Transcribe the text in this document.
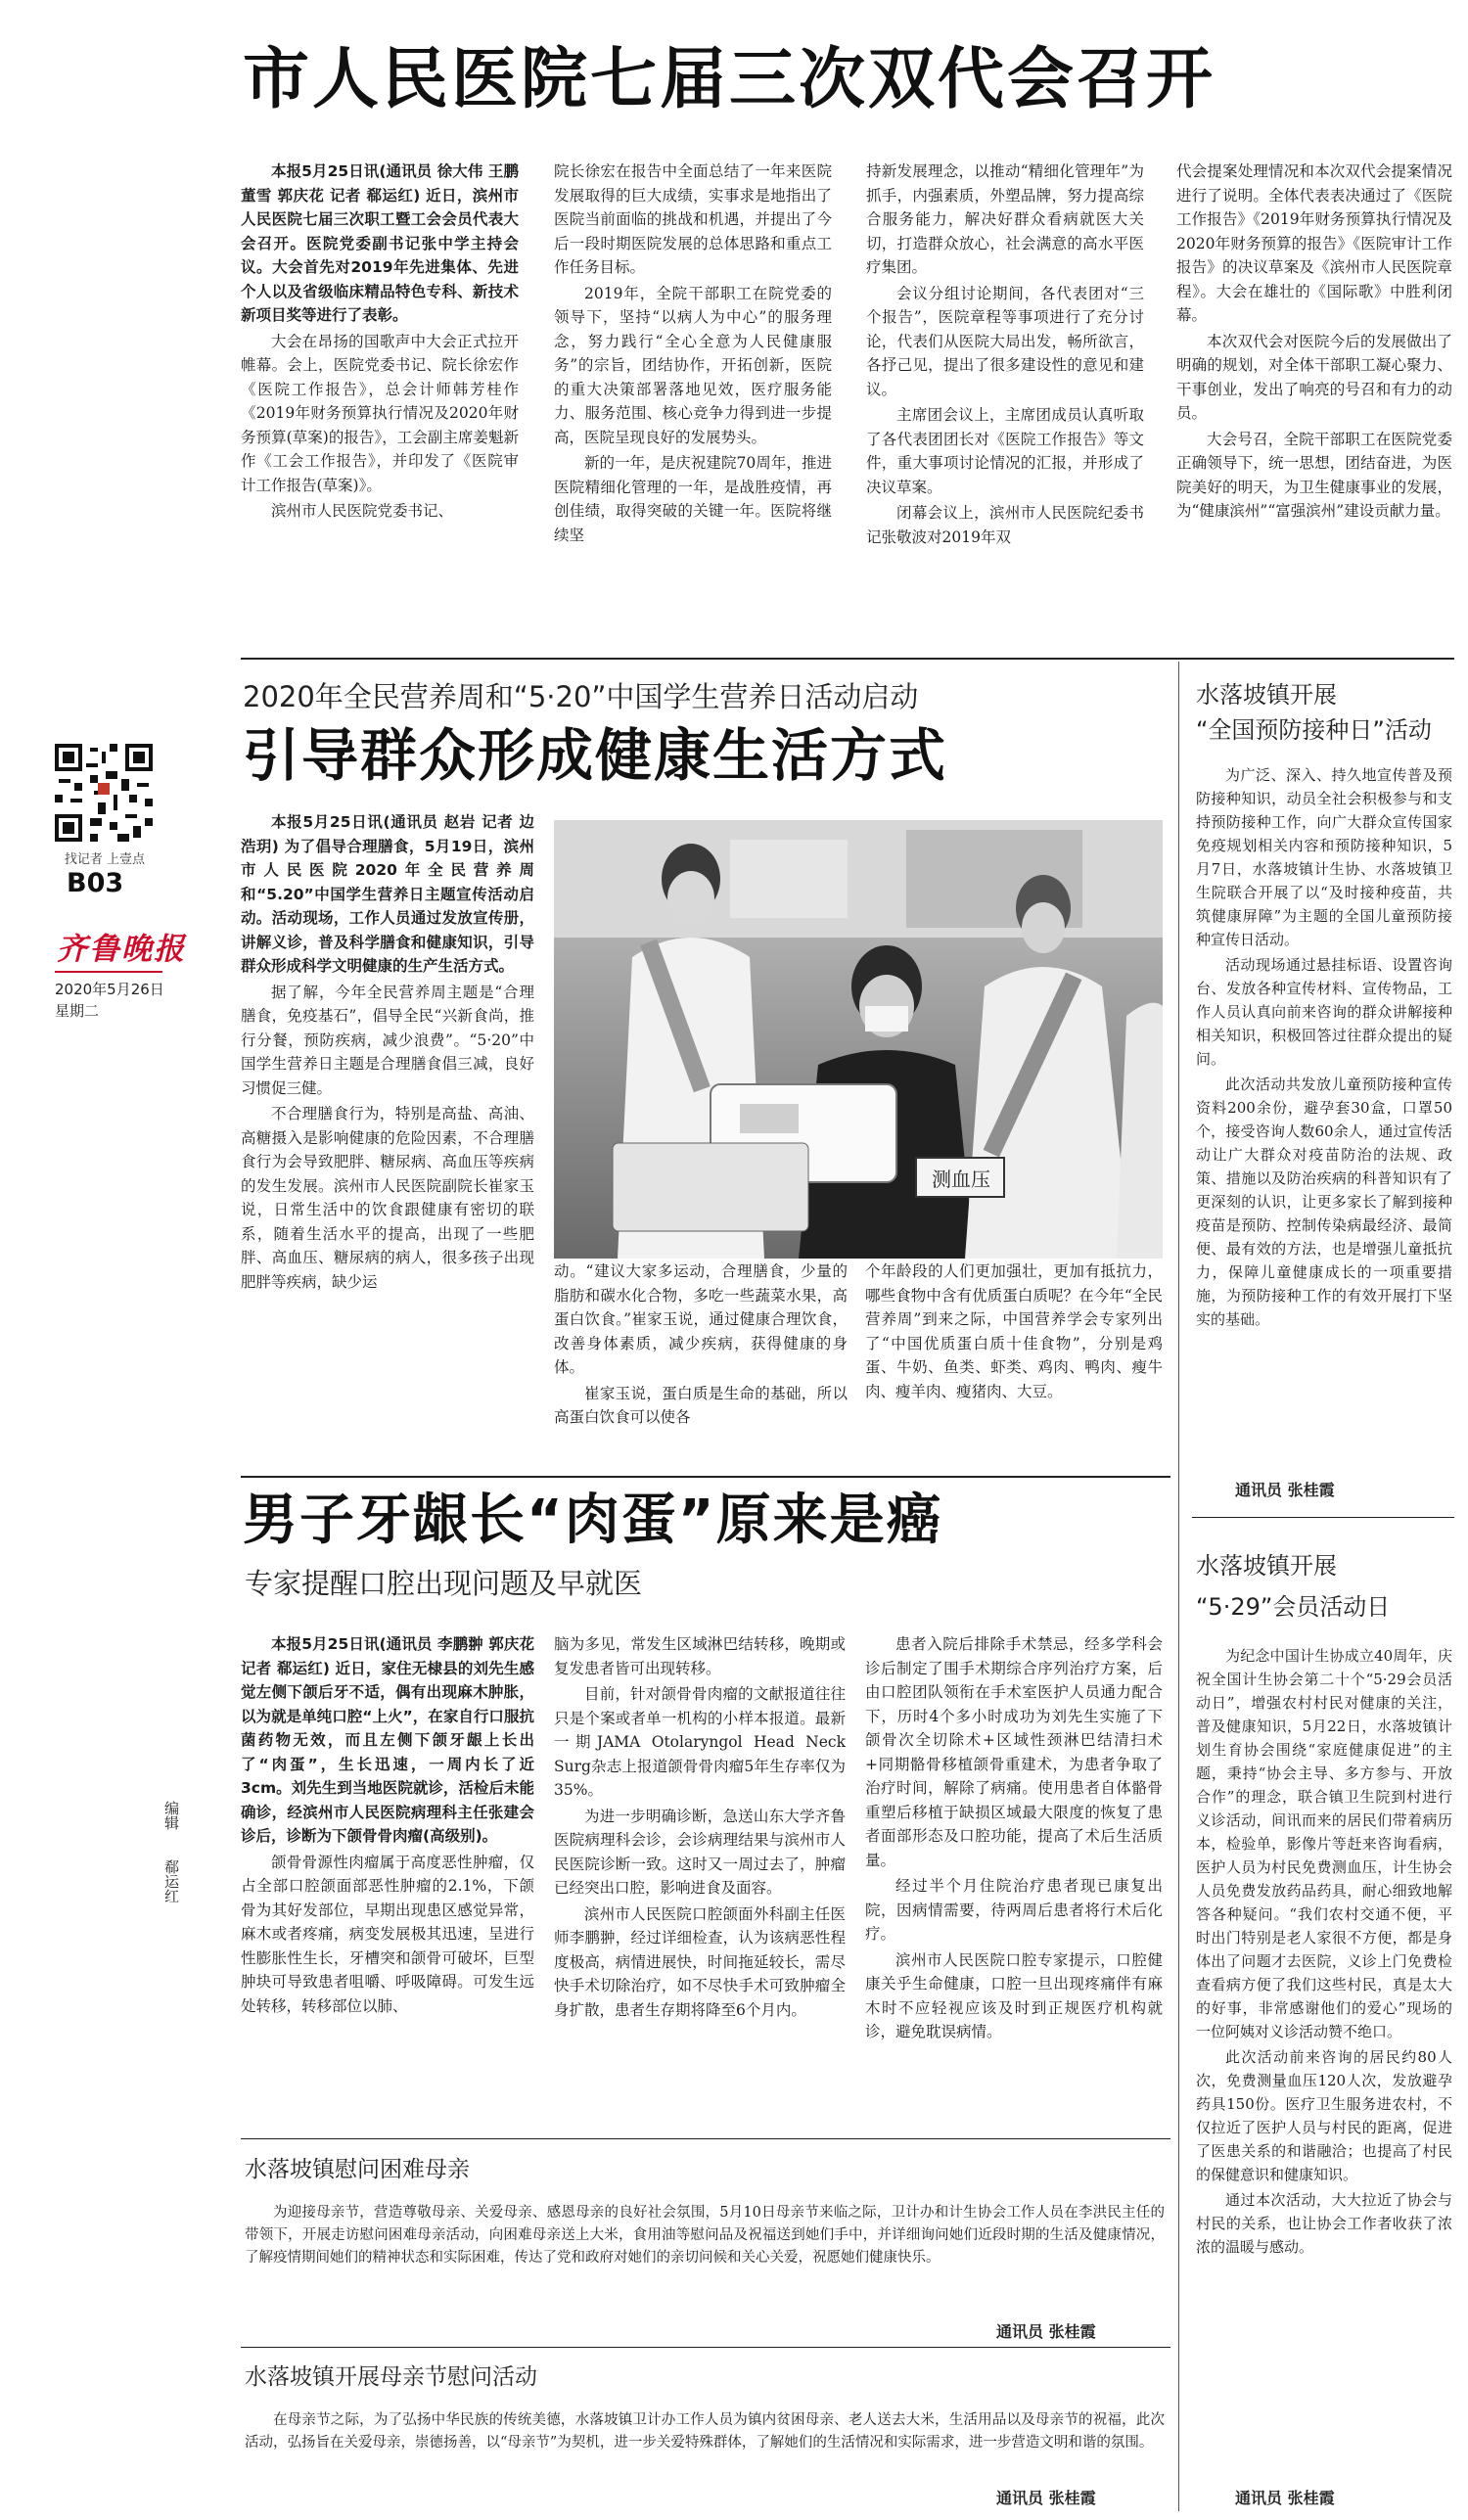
找记者 上壹点
B03
齐鲁晚报
2020年5月26日
星期二
编辑
郗运红
市人民医院七届三次双代会召开

本报5月25日讯(通讯员 徐大伟 王鹏 董雪 郭庆花 记者 郗运红) 近日，滨州市人民医院七届三次职工暨工会会员代表大会召开。医院党委副书记张中学主持会议。大会首先对2019年先进集体、先进个人以及省级临床精品特色专科、新技术新项目奖等进行了表彰。

大会在昂扬的国歌声中大会正式拉开帷幕。会上，医院党委书记、院长徐宏作《医院工作报告》，总会计师韩芳桂作《2019年财务预算执行情况及2020年财务预算(草案)的报告》，工会副主席姜魁新作《工会工作报告》，并印发了《医院审计工作报告(草案)》。

滨州市人民医院党委书记、

院长徐宏在报告中全面总结了一年来医院发展取得的巨大成绩，实事求是地指出了医院当前面临的挑战和机遇，并提出了今后一段时期医院发展的总体思路和重点工作任务目标。

2019年，全院干部职工在院党委的领导下，坚持“以病人为中心”的服务理念，努力践行“全心全意为人民健康服务”的宗旨，团结协作，开拓创新，医院的重大决策部署落地见效，医疗服务能力、服务范围、核心竞争力得到进一步提高，医院呈现良好的发展势头。

新的一年，是庆祝建院70周年，推进医院精细化管理的一年，是战胜疫情，再创佳绩，取得突破的关键一年。医院将继续坚

持新发展理念，以推动“精细化管理年”为抓手，内强素质，外塑品牌，努力提高综合服务能力，解决好群众看病就医大关切，打造群众放心，社会满意的高水平医疗集团。

会议分组讨论期间，各代表团对“三个报告”，医院章程等事项进行了充分讨论，代表们从医院大局出发，畅所欲言，各抒己见，提出了很多建设性的意见和建议。

主席团会议上，主席团成员认真听取了各代表团团长对《医院工作报告》等文件，重大事项讨论情况的汇报，并形成了决议草案。

闭幕会议上，滨州市人民医院纪委书记张敬波对2019年双

代会提案处理情况和本次双代会提案情况进行了说明。全体代表表决通过了《医院工作报告》《2019年财务预算执行情况及2020年财务预算的报告》《医院审计工作报告》的决议草案及《滨州市人民医院章程》。大会在雄壮的《国际歌》中胜利闭幕。

本次双代会对医院今后的发展做出了明确的规划，对全体干部职工凝心聚力、干事创业，发出了响亮的号召和有力的动员。

大会号召，全院干部职工在医院党委正确领导下，统一思想，团结奋进，为医院美好的明天，为卫生健康事业的发展，为“健康滨州”“富强滨州”建设贡献力量。

2020年全民营养周和“5·20”中国学生营养日活动启动
引导群众形成健康生活方式

本报5月25日讯(通讯员 赵岩 记者 边浩玥) 为了倡导合理膳食，5月19日，滨州市人民医院2020年全民营养周和“5.20”中国学生营养日主题宣传活动启动。活动现场，工作人员通过发放宣传册，讲解义诊，普及科学膳食和健康知识，引导群众形成科学文明健康的生产生活方式。

据了解，今年全民营养周主题是“合理膳食，免疫基石”，倡导全民“兴新食尚，推行分餐，预防疾病，减少浪费”。“5·20”中国学生营养日主题是合理膳食倡三减，良好习惯促三健。

不合理膳食行为，特别是高盐、高油、高糖摄入是影响健康的危险因素，不合理膳食行为会导致肥胖、糖尿病、高血压等疾病的发生发展。滨州市人民医院副院长崔家玉说，日常生活中的饮食跟健康有密切的联系，随着生活水平的提高，出现了一些肥胖、高血压、糖尿病的病人，很多孩子出现肥胖等疾病，缺少运

测血压

动。“建议大家多运动，合理膳食，少量的脂肪和碳水化合物，多吃一些蔬菜水果，高蛋白饮食。”崔家玉说，通过健康合理饮食，改善身体素质，减少疾病，获得健康的身体。

崔家玉说，蛋白质是生命的基础，所以高蛋白饮食可以使各

个年龄段的人们更加强壮，更加有抵抗力，哪些食物中含有优质蛋白质呢？在今年“全民营养周”到来之际，中国营养学会专家列出了“中国优质蛋白质十佳食物”，分别是鸡蛋、牛奶、鱼类、虾类、鸡肉、鸭肉、瘦牛肉、瘦羊肉、瘦猪肉、大豆。

男子牙龈长“肉蛋”原来是癌
专家提醒口腔出现问题及早就医

本报5月25日讯(通讯员 李鹏翀 郭庆花 记者 郗运红) 近日，家住无棣县的刘先生感觉左侧下颌后牙不适，偶有出现麻木肿胀，以为就是单纯口腔“上火”，在家自行口服抗菌药物无效，而且左侧下颌牙龈上长出了“肉蛋”，生长迅速，一周内长了近3cm。刘先生到当地医院就诊，活检后未能确诊，经滨州市人民医院病理科主任张建会诊后，诊断为下颌骨骨肉瘤(高级别)。

颌骨骨源性肉瘤属于高度恶性肿瘤，仅占全部口腔颌面部恶性肿瘤的2.1%，下颌骨为其好发部位，早期出现患区感觉异常，麻木或者疼痛，病变发展极其迅速，呈进行性膨胀性生长，牙槽突和颌骨可破坏，巨型肿块可导致患者咀嚼、呼吸障碍。可发生远处转移，转移部位以肺、

脑为多见，常发生区域淋巴结转移，晚期或复发患者皆可出现转移。

目前，针对颌骨骨肉瘤的文献报道往往只是个案或者单一机构的小样本报道。最新一期JAMA Otolaryngol Head Neck Surg杂志上报道颌骨骨肉瘤5年生存率仅为35%。

为进一步明确诊断，急送山东大学齐鲁医院病理科会诊，会诊病理结果与滨州市人民医院诊断一致。这时又一周过去了，肿瘤已经突出口腔，影响进食及面容。

滨州市人民医院口腔颌面外科副主任医师李鹏翀，经过详细检查，认为该病恶性程度极高，病情进展快，时间拖延较长，需尽快手术切除治疗，如不尽快手术可致肿瘤全身扩散，患者生存期将降至6个月内。

患者入院后排除手术禁忌，经多学科会诊后制定了围手术期综合序列治疗方案，后由口腔团队领衔在手术室医护人员通力配合下，历时4个多小时成功为刘先生实施了下颌骨次全切除术+区域性颈淋巴结清扫术+同期骼骨移植颌骨重建术，为患者争取了治疗时间，解除了病痛。使用患者自体骼骨重塑后移植于缺损区域最大限度的恢复了患者面部形态及口腔功能，提高了术后生活质量。

经过半个月住院治疗患者现已康复出院，因病情需要，待两周后患者将行术后化疗。

滨州市人民医院口腔专家提示，口腔健康关乎生命健康，口腔一旦出现疼痛伴有麻木时不应轻视应该及时到正规医疗机构就诊，避免耽误病情。

水落坡镇慰问困难母亲

为迎接母亲节，营造尊敬母亲、关爱母亲、感恩母亲的良好社会氛围，5月10日母亲节来临之际，卫计办和计生协会工作人员在李洪民主任的带领下，开展走访慰问困难母亲活动，向困难母亲送上大米，食用油等慰问品及祝福送到她们手中，并详细询问她们近段时期的生活及健康情况，了解疫情期间她们的精神状态和实际困难，传达了党和政府对她们的亲切问候和关心关爱，祝愿她们健康快乐。

通讯员 张桂霞
水落坡镇开展母亲节慰问活动

在母亲节之际，为了弘扬中华民族的传统美德，水落坡镇卫计办工作人员为镇内贫困母亲、老人送去大米，生活用品以及母亲节的祝福，此次活动，弘扬旨在关爱母亲，崇德扬善，以“母亲节”为契机，进一步关爱特殊群体，了解她们的生活情况和实际需求，进一步营造文明和谐的氛围。

通讯员 张桂霞
水落坡镇开展
“全国预防接种日”活动

为广泛、深入、持久地宣传普及预防接种知识，动员全社会积极参与和支持预防接种工作，向广大群众宣传国家免疫规划相关内容和预防接种知识，5月7日，水落坡镇计生协、水落坡镇卫生院联合开展了以“及时接种疫苗，共筑健康屏障”为主题的全国儿童预防接种宣传日活动。

活动现场通过悬挂标语、设置咨询台、发放各种宣传材料、宣传物品，工作人员认真向前来咨询的群众讲解接种相关知识，积极回答过往群众提出的疑问。

此次活动共发放儿童预防接种宣传资料200余份，避孕套30盒，口罩50个，接受咨询人数60余人，通过宣传活动让广大群众对疫苗防治的法规、政策、措施以及防治疾病的科普知识有了更深刻的认识，让更多家长了解到接种疫苗是预防、控制传染病最经济、最简便、最有效的方法，也是增强儿童抵抗力，保障儿童健康成长的一项重要措施，为预防接种工作的有效开展打下坚实的基础。

通讯员 张桂霞
水落坡镇开展
“5·29”会员活动日

为纪念中国计生协成立40周年，庆祝全国计生协会第二十个“5·29会员活动日”，增强农村村民对健康的关注，普及健康知识，5月22日，水落坡镇计划生育协会围绕“家庭健康促进”的主题，秉持“协会主导、多方参与、开放合作”的理念，联合镇卫生院到村进行义诊活动，间讯而来的居民们带着病历本，检验单，影像片等赶来咨询看病，医护人员为村民免费测血压，计生协会人员免费发放药品药具，耐心细致地解答各种疑问。“我们农村交通不便，平时出门特别是老人家很不方便，都是身体出了问题才去医院，义诊上门免费检查看病方便了我们这些村民，真是太大的好事，非常感谢他们的爱心”现场的一位阿姨对义诊活动赞不绝口。

此次活动前来咨询的居民约80人次，免费测量血压120人次，发放避孕药具150份。医疗卫生服务进农村，不仅拉近了医护人员与村民的距离，促进了医患关系的和谐融洽；也提高了村民的保健意识和健康知识。

通过本次活动，大大拉近了协会与村民的关系，也让协会工作者收获了浓浓的温暖与感动。

通讯员 张桂霞
